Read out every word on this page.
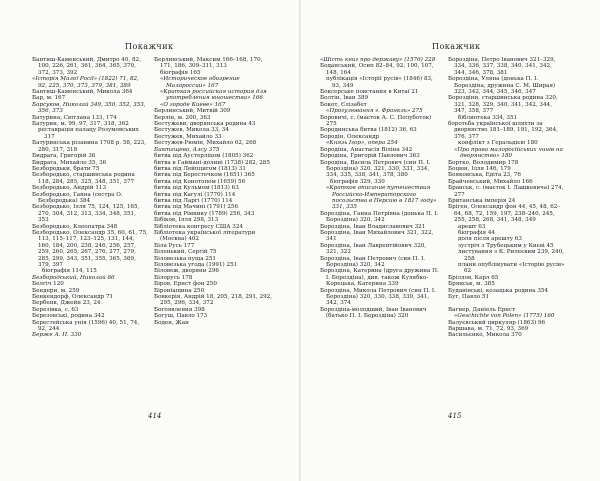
Покажчик
Бантиш-Каменський, Дмитро 40, 82, 100, 226, 261, 361, 364, 365, 370, 372, 373, 392
«Історія Малої Росії» (1822) 71, 82, 92, 225, 370, 373, 379, 381, 389
Бантиш-Каменський, Микола 364
Бар, м. 167
Барсуков, Николай 349, 350, 352, 353, 356, 373
Батурина, Світлана 133, 174
Батурин, м. 99, 97, 317, 318, 362
реставрація палацу Розумовських 317
Батуринська різанина 1708 р. 58, 223, 280, 317, 318
Бидрага, Григорій 36
Бидрага, Михайло 35, 36
Безбородьки, брати 75
Безбородько, старшинська родина 118, 284, 285, 325, 348, 351, 377
Безбородько, Андрій 113
Безбородько, Ганна (сестра О. Безбородька) 384
Безбородько, Ілля 75, 124, 125, 165, 270, 304, 312, 313, 334, 348, 351, 353
Безбородько, Клеопатра 348
Безбородько, Олександр 35, 60, 61, 75, 113, 115–117, 123–125, 131, 144, 160, 184, 200, 238, 246, 256, 257, 259, 260, 265, 267, 276, 277, 279, 285, 299, 343, 351, 355, 365, 369, 379, 397
біографія 114, 115
Безбородський, Николай 66
Белгіч 120
Бендери, м. 259
Бенкендорф, Олександр 71
Бербенк, Джейн 23, 24
Березівка, с. 63
Березовські, родина 342
Берестейська унія (1596) 40, 51, 74, 92, 244
Берже А. П. 330
Берлинський, Максим 166–168, 170, 171, 186, 309–311, 313
біографія 165
«Историческое обозрение Малороссии» 167
«Краткая российская история для употребления юношества» 166
«О городе Киеве» 167
Берлинський, Митвій 309
Берлін, м. 200, 363
Бестужеви, дворянська родина 43
Бестужев, Микола 33, 34
Бестужев, Михайло 33
Бестужев-Рюмін, Михайло 62, 268
Биктащева, Алсу 375
битва під Аустерліцом (1805) 362
битва в Гаймані-долині (1738) 282, 285
битва під Лейпцигом (1813) 31
битва під Берестечком (1651) 365
битва під Конотопом (1659) 56
битва під Кульмом (1813) 63
битва під Кагулі (1770) 114
битва під Ларгі (1770) 114
битва під Мачині (1791) 256
битва під Рімнику (1789) 256, 343
Бібіков, Ілля 298, 313
Бібліотека конгресу США 324
Бібліотека української літератури (Москва) 402
Біла Русь 177
Біленький, Сергій 75
Біловезька пуща 251
Біловезька угода (1991) 251
Біловеж, дворяни 296
Білорусь 178
Біров, Ернст фон 250
Біроніащина 250
Бовкерія, Андрій 18, 205, 218, 291, 292, 295, 296, 334, 372
Богоявлення 398
Богуш, Павло 173
Боден, Жан
414
Покажчик
«Шість книг про державу» (1576) 228
Боданський, Осип 82–84, 92, 100, 107, 148, 164
публікація «Історії русів» (1846) 83, 93, 349
Боксерське повстання в Китаї 21
Болтін, Іван 389
Бокот, Єлізабет
«Прогулювання г. Франкль» 275
Боровичі, с. (маєток А. С. Полуботок) 275
Бородинська битва (1812) 36, 63
Бородін, Олександр
«Князь Ігор», опера 254
Бородіна, Анастасія Віліна 342
Бородіна, Григорій Павлович 363
Бородіна, Василь Петрович (син П. І. Бороздіна) 320, 321, 330, 331, 334, 334, 335, 338, 341, 378, 380
біографія 329, 330
«Краткое описание путешествия Российско-Императорского посольства в Персию в 1817 году» 331, 335
Бороздіна, Ганна Петрівна (донька П. І. Бороздіна) 320, 342
Бороздіна, Іван Владиславович 321
Бороздіна, Іван Михайлович 321, 322, 341
Бороздіна, Іван Лаврентійович 320, 321, 322
Бороздіна, Іван Петрович (син П. І. Бороздіна) 320, 342
Бороздіна, Катерина (друга дружина П. І. Бороздіна), див. також Кулябко-Корецька, Катерина 339
Бороздіна, Микола Петрович (син П. І. Бороздіна) 320, 330, 338, 339, 341, 342, 374
Бороздіна-молодший, Іван Іванович (батько П. І. Бороздіна) 320
Бороздіна, Петро Іванович 321–329, 334, 336, 337, 338, 340, 341, 342, 344, 346, 378, 381
Бороздіна, Уляна (донька П. І. Бороздіна, дружина С. М. Ширая) 323, 342, 344, 345, 346, 347
Бороздіни, старшинська родина 320, 321, 328, 329, 340, 341, 342, 344, 347, 358, 377
біблиотека 334, 351
боротьба української шляхти за дворянство 181–189, 191, 192, 364, 376, 377
конфлікт з Геральдією 180
«Про права малоросійських чинів на дворянство» 180
Бортко, Володимир 178
Боцюн, Ілля 146, 179
Бояковська, Едіта 23, 76
Брайчевський, Михайло 166
Бранськ, с. (маєток І. Лашкевича) 274, 277
Британська імперія 24
Бріген, Олександр фон 44, 45, 48, 62–64, 68, 72, 159, 197, 238–240, 245, 255, 258, 268, 341, 348, 349
арешт 63
біографія 44
доля після арешту 63
зустріч з Трубецьким у Києві 45
листування з К. Рилеєвим 239, 240, 258
плани опублікувати «Історію русів» 62
Бріллов, Карл 65
Брянськ, м. 385
Буданівські, козацька родина 354
Буг, Павло 51

Вагнер, Даніель Ернст
«Geschichte von Polen» (1775) 160
Валуєвський циркуляр (1863) 96
Варшава, м. 71, 72, 93, 369
Васильєнко, Микола 370
415
